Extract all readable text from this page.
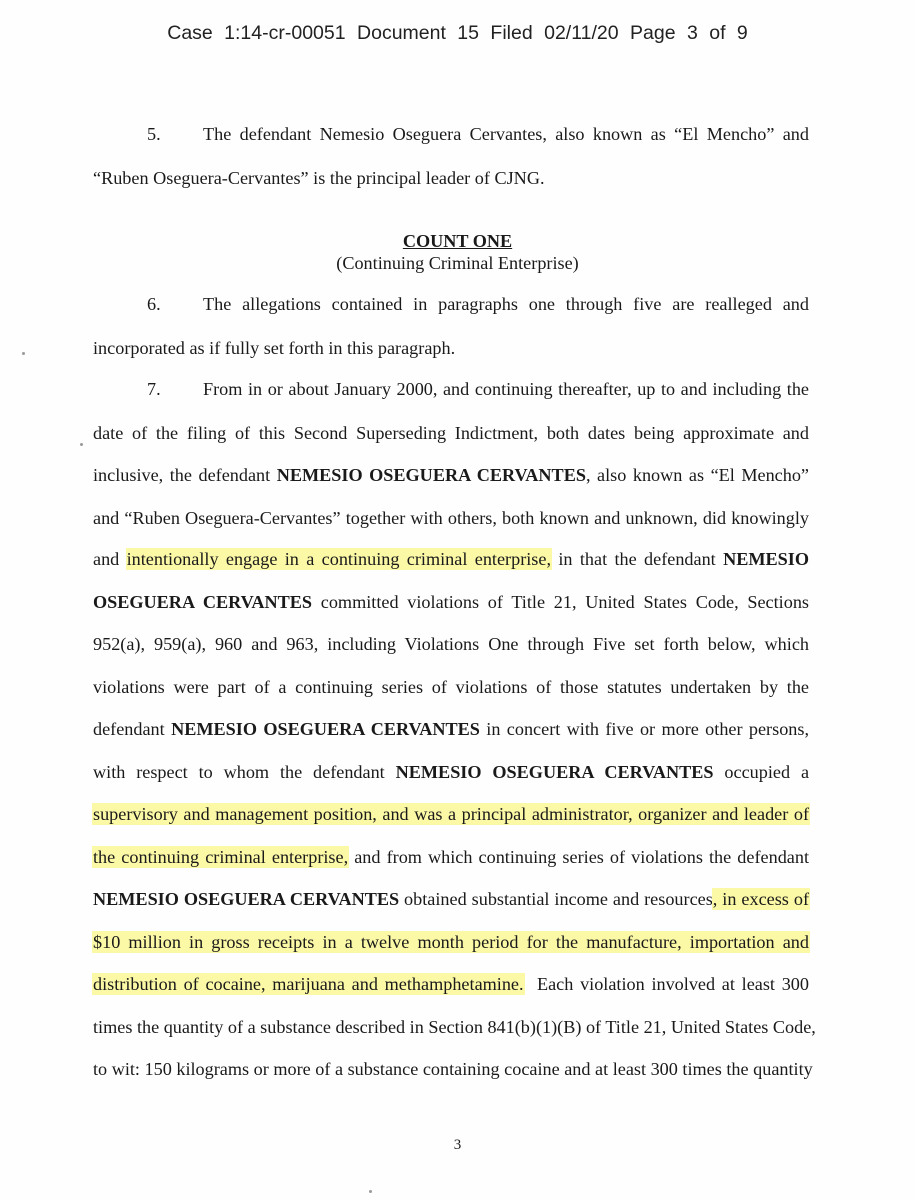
Case 1:14-cr-00051 Document 15 Filed 02/11/20 Page 3 of 9
5. The defendant Nemesio Oseguera Cervantes, also known as “El Mencho” and
“Ruben Oseguera-Cervantes” is the principal leader of CJNG.
COUNT ONE
(Continuing Criminal Enterprise)
6. The allegations contained in paragraphs one through five are realleged and
incorporated as if fully set forth in this paragraph.
7. From in or about January 2000, and continuing thereafter, up to and including the
date of the filing of this Second Superseding Indictment, both dates being approximate and
inclusive, the defendant NEMESIO OSEGUERA CERVANTES, also known as “El Mencho”
and “Ruben Oseguera-Cervantes” together with others, both known and unknown, did knowingly
and intentionally engage in a continuing criminal enterprise, in that the defendant NEMESIO
OSEGUERA CERVANTES committed violations of Title 21, United States Code, Sections
952(a), 959(a), 960 and 963, including Violations One through Five set forth below, which
violations were part of a continuing series of violations of those statutes undertaken by the
defendant NEMESIO OSEGUERA CERVANTES in concert with five or more other persons,
with respect to whom the defendant NEMESIO OSEGUERA CERVANTES occupied a
supervisory and management position, and was a principal administrator, organizer and leader of
the continuing criminal enterprise, and from which continuing series of violations the defendant
NEMESIO OSEGUERA CERVANTES obtained substantial income and resources, in excess of
$10 million in gross receipts in a twelve month period for the manufacture, importation and
distribution of cocaine, marijuana and methamphetamine.  Each violation involved at least 300
times the quantity of a substance described in Section 841(b)(1)(B) of Title 21, United States Code,
to wit: 150 kilograms or more of a substance containing cocaine and at least 300 times the quantity
3
